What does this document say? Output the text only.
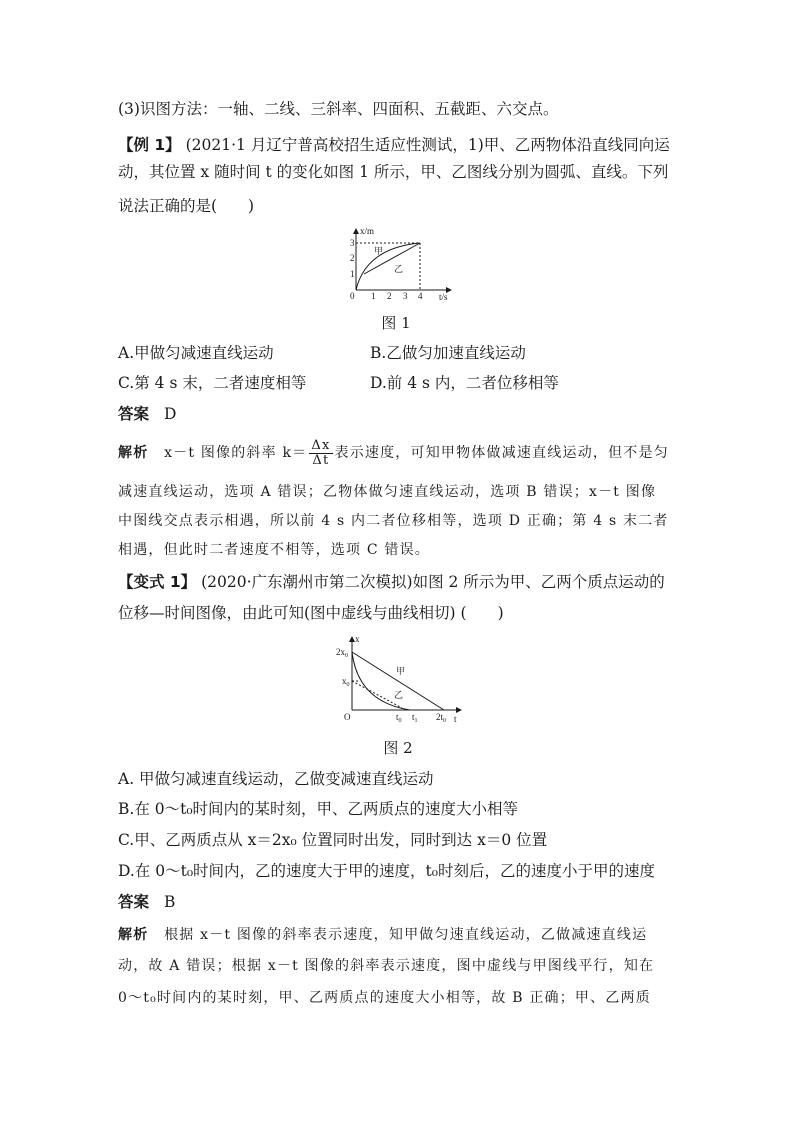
(3)识图方法：一轴、二线、三斜率、四面积、五截距、六交点。
【例 1】 (2021·1 月辽宁普高校招生适应性测试，1)甲、乙两物体沿直线同向运
动，其位置 x 随时间 t 的变化如图 1 所示，甲、乙图线分别为圆弧、直线。下列
说法正确的是(　　)
x/m
t/s
0
1
2
3
1 2 3 4
甲
乙
图 1
A.甲做匀减速直线运动	B.乙做匀加速直线运动
C.第 4 s 末，二者速度相等	D.前 4 s 内，二者位移相等
答案 D
解析 x－t 图像的斜率 $k= \frac{\Delta x}{\Delta t}$ 表示速度，可知甲物体做减速直线运动，但不是匀
减速直线运动，选项 A 错误；乙物体做匀速直线运动，选项 B 错误；x－t 图像
中图线交点表示相遇，所以前 4 s 内二者位移相等，选项 D 正确；第 4 s 末二者
相遇，但此时二者速度不相等，选项 C 错误。
【变式 1】 (2020·广东潮州市第二次模拟)如图 2 所示为甲、乙两个质点运动的
位移—时间图像，由此可知(图中虚线与曲线相切) (　　)
x
t
O
$2x_0$
$x_0$
$t_0$ $t_1$ $2t_0$
甲
乙
图 2
A. 甲做匀减速直线运动，乙做变减速直线运动
B.在 0～t₀时间内的某时刻，甲、乙两质点的速度大小相等
C.甲、乙两质点从 x＝2x₀ 位置同时出发，同时到达 x＝0 位置
D.在 0～t₀时间内，乙的速度大于甲的速度，t₀时刻后，乙的速度小于甲的速度
答案 B
解析 根据 x－t 图像的斜率表示速度，知甲做匀速直线运动，乙做减速直线运
动，故 A 错误；根据 x－t 图像的斜率表示速度，图中虚线与甲图线平行，知在
0～t₀时间内的某时刻，甲、乙两质点的速度大小相等，故 B 正确；甲、乙两质
